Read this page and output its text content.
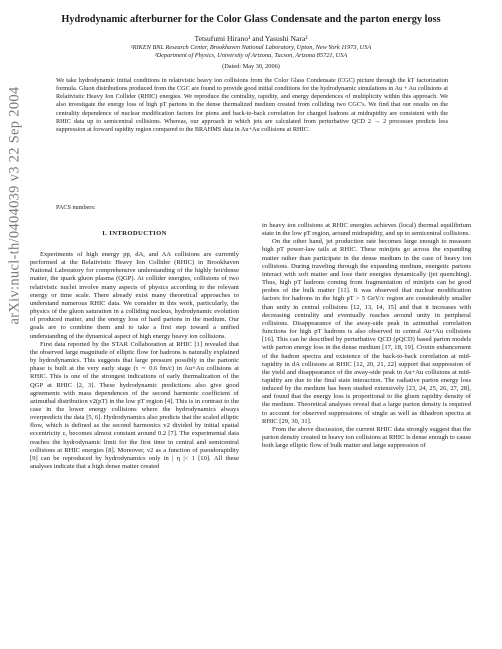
arXiv:nucl-th/0404039 v3 22 Sep 2004
Hydrodynamic afterburner for the Color Glass Condensate and the parton energy loss
Tetsufumi Hirano¹ and Yasushi Nara²
¹RIKEN BNL Research Center, Brookhaven National Laboratory, Upton, New York 11973, USA
²Department of Physics, University of Arizona, Tucson, Arizona 85721, USA
(Dated: May 30, 2006)
We take hydrodynamic initial conditions in relativistic heavy ion collisions from the Color Glass Condensate (CGC) picture through the kT factorization formula. Gluon distributions produced from the CGC are found to provide good initial conditions for the hydrodynamic simulations in Au + Au collisions at Relativistic Heavy Ion Collider (RHIC) energies. We reproduce the centrality, rapidity, and energy dependences of multiplicity within this approach. We also investigate the energy loss of high pT partons in the dense thermalized medium created from colliding two CGC's. We find that our results on the centrality dependence of nuclear modification factors for pions and back-to-back correlation for charged hadrons at midrapidity are consistent with the RHIC data up to semicentral collisions. Whereas, our approach in which jets are calculated from perturbative QCD 2 → 2 processes predicts less suppression at forward rapidity region compared to the BRAHMS data in Au+Au collisions at RHIC.
PACS numbers:
I. INTRODUCTION

Experiments of high energy pp, dA, and AA collisions are currently performed at the Relativistic Heavy Ion Collider (RHIC) in Brookhaven National Laboratory for comprehensive understanding of the highly hot/dense matter, the quark gluon plasma (QGP). At collider energies, collisions of two relativistic nuclei involve many aspects of physics according to the relevant energy or time scale. There already exist many theoretical approaches to understand numerous RHIC data. We consider in this work, particularly, the physics of the gluon saturation in a colliding nucleus, hydrodynamic evolution of produced matter, and the energy loss of hard partons in the medium. Our goals are to combine them and to take a first step toward a unified understanding of the dynamical aspect of high energy heavy ion collisions.

First data reported by the STAR Collaboration at RHIC [1] revealed that the observed large magnitude of elliptic flow for hadrons is naturally explained by hydrodynamics. This suggests that large pressure possibly in the partonic phase is built at the very early stage (τ ∼ 0.6 fm/c) in Au+Au collisions at RHIC. This is one of the strongest indications of early thermalization of the QGP at RHIC [2, 3]. These hydrodynamic predictions also give good agreements with mass dependences of the second harmonic coefficient of azimuthal distribution v2(pT) in the low pT region [4]. This is in contrast to the case in the lower energy collisions where the hydrodynamics always overpredicts the data [5, 6]. Hydrodynamics also predicts that the scaled elliptic flow, which is defined as the second harmonics v2 divided by initial spatial eccentricity ε, becomes almost constant around 0.2 [7]. The experimental data reaches the hydrodynamic limit for the first time in central and semicentral collisions at RHIC energies [8]. Moreover, v2 as a function of pseudorapidity [9] can be reproduced by hydrodynamics only in | η |< 1 [10]. All these analyses indicate that a high dense matter created

in heavy ion collisions at RHIC energies achieves (local) thermal equilibrium state in the low pT region, around midrapidity, and up to semicentral collisions.

On the other hand, jet production rate becomes large enough to measure high pT power-law tails at RHIC. These minijets go across the expanding matter rather than participate in the dense medium in the case of heavy ion collisions. During traveling through the expanding medium, energetic partons interact with soft matter and lose their energies dynamically (jet quenching). Thus, high pT hadrons coming from fragmentation of minijets can be good probes of the bulk matter [11]. It was observed that nuclear modification factors for hadrons in the high pT > 5 GeV/c region are considerably smaller than unity in central collisions [12, 13, 14, 15] and that it increases with decreasing centrality and eventually reaches around unity in peripheral collisions. Disappearance of the away-side peak in azimuthal correlation functions for high pT hadrons is also observed in central Au+Au collisions [16]. This can be described by perturbative QCD (pQCD) based parton models with parton energy loss in the dense medium [17, 18, 19]. Cronin enhancement of the hadron spectra and existence of the back-to-back correlation at mid-rapidity in dA collisions at RHIC [12, 20, 21, 22] support that suppression of the yield and disappearance of the away-side peak in Au+Au collisions at mid-rapidity are due to the final state interaction. The radiative parton energy loss induced by the medium has been studied extensively [23, 24, 25, 26, 27, 28], and found that the energy loss is proportional to the gluon rapidity density of the medium. Theoretical analyses reveal that a large parton density is required to account for observed suppressions of single as well as dihadron spectra at RHIC [29, 30, 31].

From the above discussion, the current RHIC data strongly suggest that the parton density created in heavy ion collisions at RHIC is dense enough to cause both large elliptic flow of bulk matter and large suppression of
